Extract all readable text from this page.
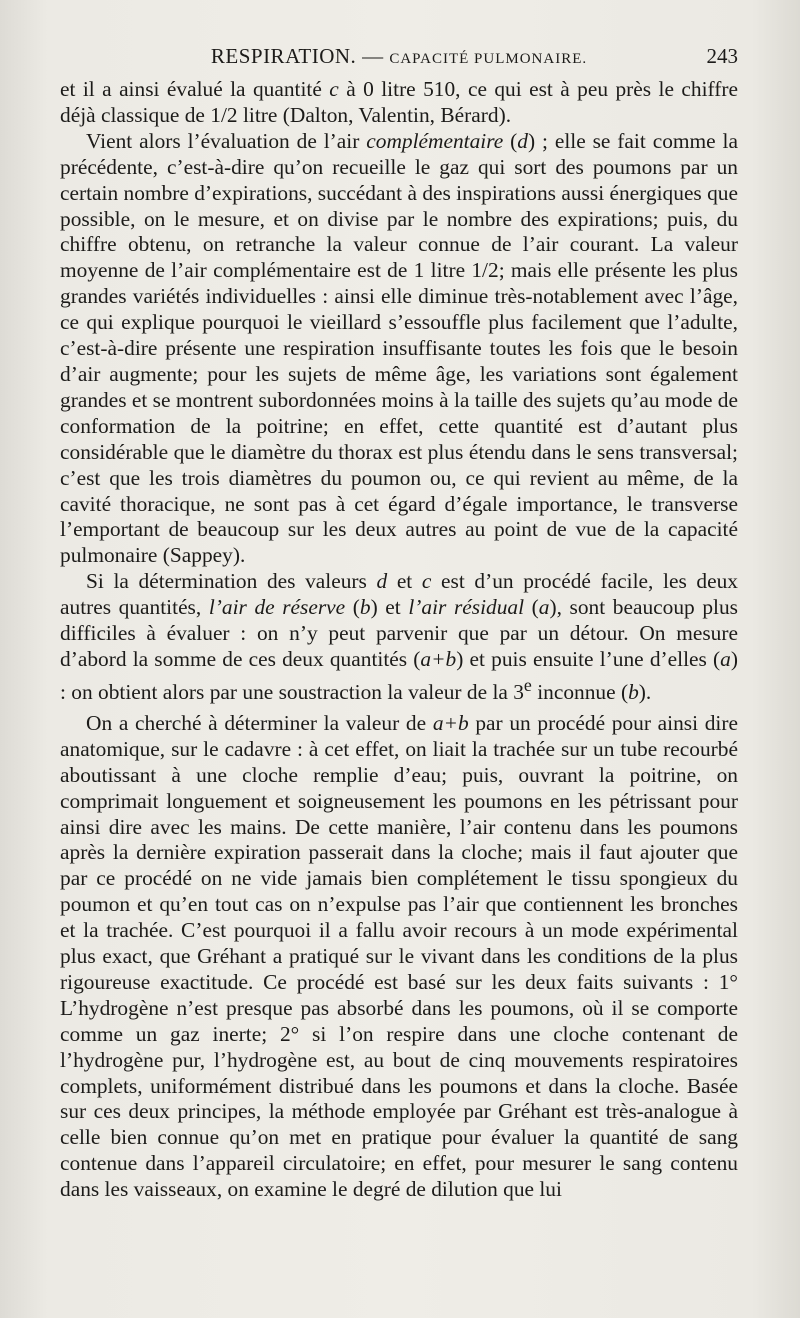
RESPIRATION. — CAPACITÉ PULMONAIRE.	243

et il a ainsi évalué la quantité c à 0 litre 510, ce qui est à peu près le chiffre déjà classique de 1/2 litre (Dalton, Valentin, Bérard).

Vient alors l’évaluation de l’air complémentaire (d) ; elle se fait comme la précédente, c’est-à-dire qu’on recueille le gaz qui sort des poumons par un certain nombre d’expirations, succédant à des inspirations aussi énergiques que possible, on le mesure, et on divise par le nombre des expirations; puis, du chiffre obtenu, on retranche la valeur connue de l’air courant. La valeur moyenne de l’air complémentaire est de 1 litre 1/2; mais elle présente les plus grandes variétés individuelles : ainsi elle diminue très-notablement avec l’âge, ce qui explique pourquoi le vieillard s’essouffle plus facilement que l’adulte, c’est-à-dire présente une respiration insuffisante toutes les fois que le besoin d’air augmente; pour les sujets de même âge, les variations sont également grandes et se montrent subordonnées moins à la taille des sujets qu’au mode de conformation de la poitrine; en effet, cette quantité est d’autant plus considérable que le diamètre du thorax est plus étendu dans le sens transversal; c’est que les trois diamètres du poumon ou, ce qui revient au même, de la cavité thoracique, ne sont pas à cet égard d’égale importance, le transverse l’emportant de beaucoup sur les deux autres au point de vue de la capacité pulmonaire (Sappey).

Si la détermination des valeurs d et c est d’un procédé facile, les deux autres quantités, l’air de réserve (b) et l’air résidual (a), sont beaucoup plus difficiles à évaluer : on n’y peut parvenir que par un détour. On mesure d’abord la somme de ces deux quantités (a+b) et puis ensuite l’une d’elles (a) : on obtient alors par une soustraction la valeur de la 3e inconnue (b).

On a cherché à déterminer la valeur de a+b par un procédé pour ainsi dire anatomique, sur le cadavre : à cet effet, on liait la trachée sur un tube recourbé aboutissant à une cloche remplie d’eau; puis, ouvrant la poitrine, on comprimait longuement et soigneusement les poumons en les pétrissant pour ainsi dire avec les mains. De cette manière, l’air contenu dans les poumons après la dernière expiration passerait dans la cloche; mais il faut ajouter que par ce procédé on ne vide jamais bien complétement le tissu spongieux du poumon et qu’en tout cas on n’expulse pas l’air que contiennent les bronches et la trachée. C’est pourquoi il a fallu avoir recours à un mode expérimental plus exact, que Gréhant a pratiqué sur le vivant dans les conditions de la plus rigoureuse exactitude. Ce procédé est basé sur les deux faits suivants : 1° L’hydrogène n’est presque pas absorbé dans les poumons, où il se comporte comme un gaz inerte; 2° si l’on respire dans une cloche contenant de l’hydrogène pur, l’hydrogène est, au bout de cinq mouvements respiratoires complets, uniformément distribué dans les poumons et dans la cloche. Basée sur ces deux principes, la méthode employée par Gréhant est très-analogue à celle bien connue qu’on met en pratique pour évaluer la quantité de sang contenue dans l’appareil circulatoire; en effet, pour mesurer le sang contenu dans les vaisseaux, on examine le degré de dilution que lui
